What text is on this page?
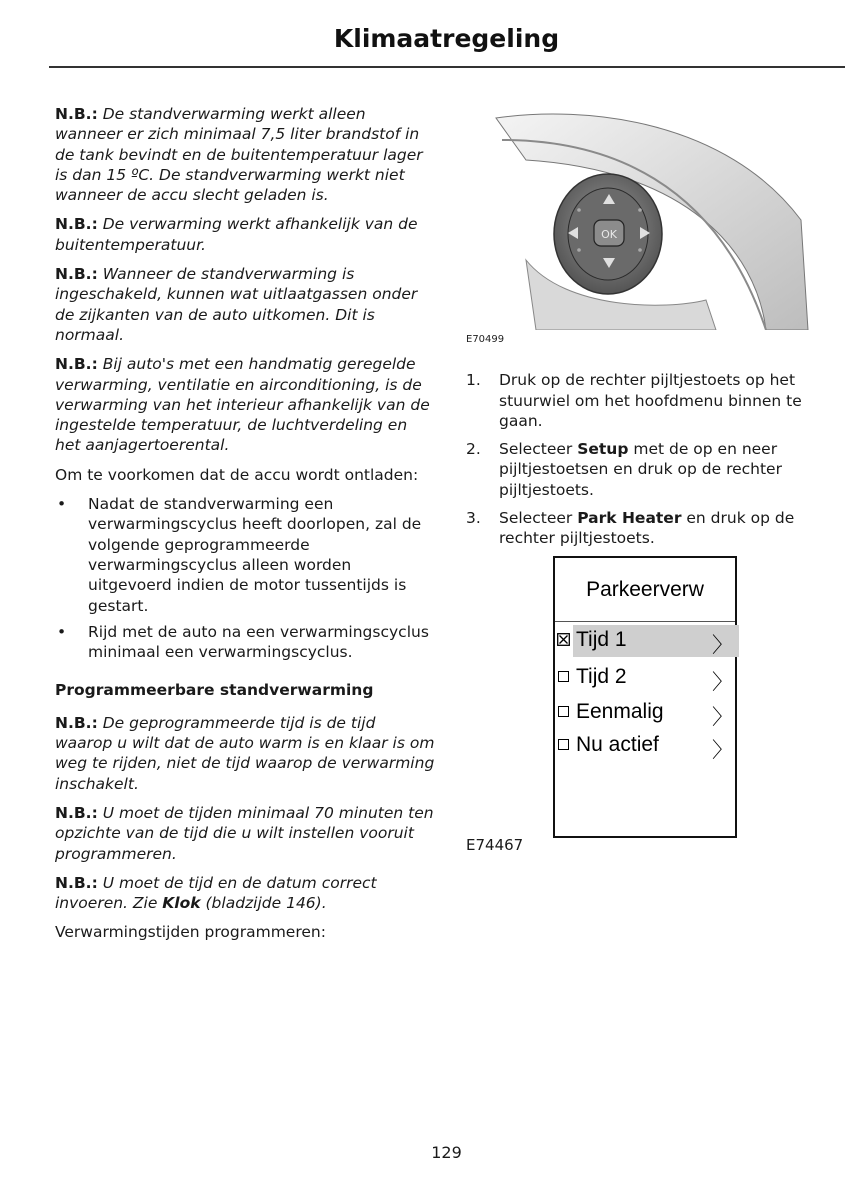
Klimaatregeling

N.B.: De standverwarming werkt alleen wanneer er zich minimaal 7,5 liter brandstof in de tank bevindt en de buitentemperatuur lager is dan 15 ºC. De standverwarming werkt niet wanneer de accu slecht geladen is.

N.B.: De verwarming werkt afhankelijk van de buitentemperatuur.

N.B.: Wanneer de standverwarming is ingeschakeld, kunnen wat uitlaatgassen onder de zijkanten van de auto uitkomen. Dit is normaal.

N.B.: Bij auto's met een handmatig geregelde verwarming, ventilatie en airconditioning, is de verwarming van het interieur afhankelijk van de ingestelde temperatuur, de luchtverdeling en het aanjagertoerental.

Om te voorkomen dat de accu wordt ontladen:

• Nadat de standverwarming een verwarmingscyclus heeft doorlopen, zal de volgende geprogrammeerde verwarmingscyclus alleen worden uitgevoerd indien de motor tussentijds is gestart.
• Rijd met de auto na een verwarmingscyclus minimaal een verwarmingscyclus.
Programmeerbare standverwarming

N.B.: De geprogrammeerde tijd is de tijd waarop u wilt dat de auto warm is en klaar is om weg te rijden, niet de tijd waarop de verwarming inschakelt.

N.B.: U moet de tijden minimaal 70 minuten ten opzichte van de tijd die u wilt instellen vooruit programmeren.

N.B.: U moet de tijd en de datum correct invoeren. Zie Klok (bladzijde 146).

Verwarmingstijden programmeren:

OK
E70499
1. Druk op de rechter pijltjestoets op het stuurwiel om het hoofdmenu binnen te gaan.
2. Selecteer Setup met de op en neer pijltjestoetsen en druk op de rechter pijltjestoets.
3. Selecteer Park Heater en druk op de rechter pijltjestoets.
Parkeerverw
Tijd 1	〉
Tijd 2	〉
Eenmalig 〉
Nu actief	〉
E74467
129
